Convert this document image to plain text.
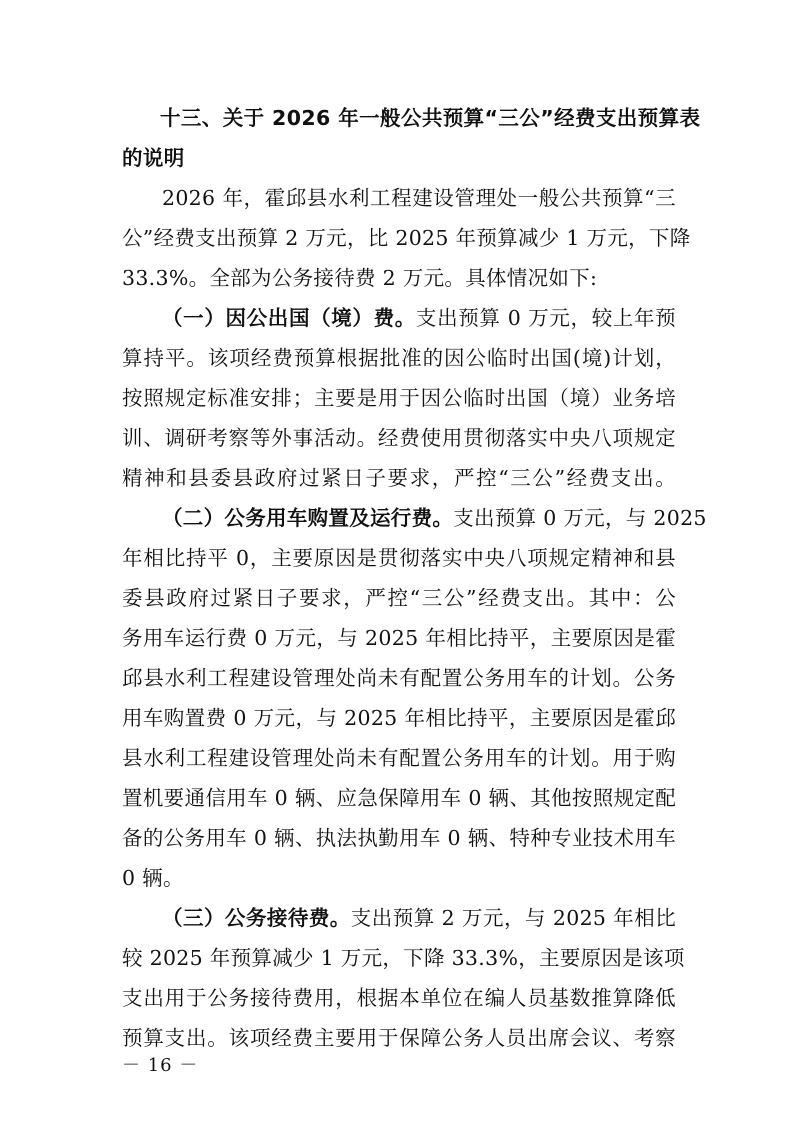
十三、关于 2026 年一般公共预算“三公”经费支出预算表
的说明
2026 年，霍邱县水利工程建设管理处一般公共预算“三
公”经费支出预算 2 万元，比 2025 年预算减少 1 万元，下降
33.3%。全部为公务接待费 2 万元。具体情况如下:
（一）因公出国（境）费。支出预算 0 万元，较上年预
算持平。该项经费预算根据批准的因公临时出国(境)计划，
按照规定标准安排；主要是用于因公临时出国（境）业务培
训、调研考察等外事活动。经费使用贯彻落实中央八项规定
精神和县委县政府过紧日子要求，严控“三公”经费支出。
（二）公务用车购置及运行费。支出预算 0 万元，与 2025
年相比持平 0，主要原因是贯彻落实中央八项规定精神和县
委县政府过紧日子要求，严控“三公”经费支出。其中：公
务用车运行费 0 万元，与 2025 年相比持平，主要原因是霍
邱县水利工程建设管理处尚未有配置公务用车的计划。公务
用车购置费 0 万元，与 2025 年相比持平，主要原因是霍邱
县水利工程建设管理处尚未有配置公务用车的计划。用于购
置机要通信用车 0 辆、应急保障用车 0 辆、其他按照规定配
备的公务用车 0 辆、执法执勤用车 0 辆、特种专业技术用车
0 辆。
（三）公务接待费。支出预算 2 万元，与 2025 年相比
较 2025 年预算减少 1 万元，下降 33.3%，主要原因是该项
支出用于公务接待费用，根据本单位在编人员基数推算降低
预算支出。该项经费主要用于保障公务人员出席会议、考察
－ 16 －
